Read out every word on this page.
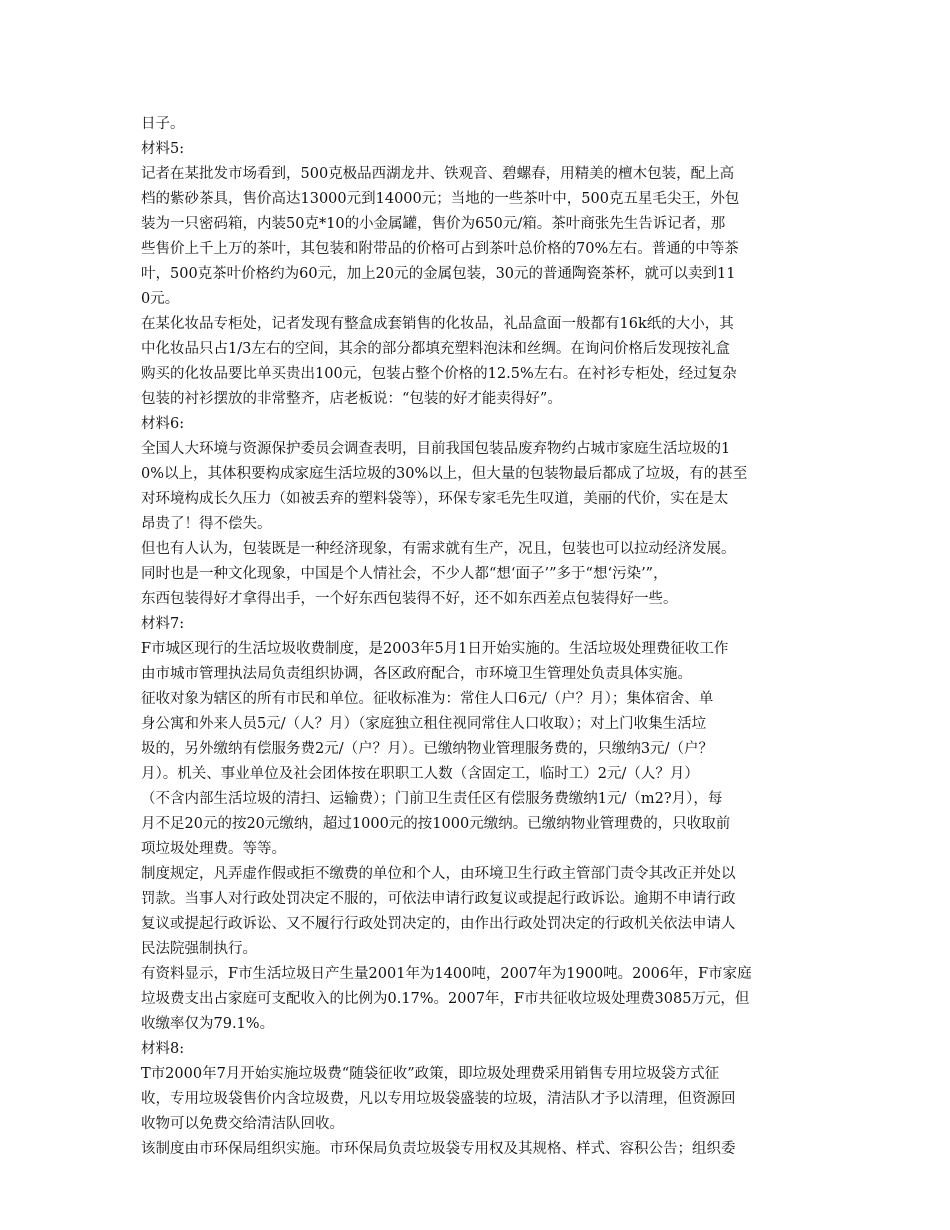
日子。
材料5:
记者在某批发市场看到，500克极品西湖龙井、铁观音、碧螺春，用精美的檀木包装，配上高
档的紫砂茶具，售价高达13000元到14000元；当地的一些茶叶中，500克五星毛尖王，外包
装为一只密码箱，内装50克*10的小金属罐，售价为650元/箱。茶叶商张先生告诉记者，那
些售价上千上万的茶叶，其包装和附带品的价格可占到茶叶总价格的70%左右。普通的中等茶
叶，500克茶叶价格约为60元，加上20元的金属包装，30元的普通陶瓷茶杯，就可以卖到11
0元。
在某化妆品专柜处，记者发现有整盒成套销售的化妆品，礼品盒面一般都有16k纸的大小，其
中化妆品只占1/3左右的空间，其余的部分都填充塑料泡沫和丝绸。在询问价格后发现按礼盒
购买的化妆品要比单买贵出100元，包装占整个价格的12.5%左右。在衬衫专柜处，经过复杂
包装的衬衫摆放的非常整齐，店老板说：“包装的好才能卖得好”。
材料6:
全国人大环境与资源保护委员会调查表明，目前我国包装品废弃物约占城市家庭生活垃圾的1
0%以上，其体积要构成家庭生活垃圾的30%以上，但大量的包装物最后都成了垃圾，有的甚至
对环境构成长久压力（如被丢弃的塑料袋等），环保专家毛先生叹道，美丽的代价，实在是太
昂贵了！得不偿失。
但也有人认为，包装既是一种经济现象，有需求就有生产，况且，包装也可以拉动经济发展。
同时也是一种文化现象，中国是个人情社会，不少人都“想‘面子’”多于“想‘污染’”，
东西包装得好才拿得出手，一个好东西包装得不好，还不如东西差点包装得好一些。
材料7:
F市城区现行的生活垃圾收费制度，是2003年5月1日开始实施的。生活垃圾处理费征收工作
由市城市管理执法局负责组织协调，各区政府配合，市环境卫生管理处负责具体实施。
征收对象为辖区的所有市民和单位。征收标准为：常住人口6元/（户？月）；集体宿舍、单
身公寓和外来人员5元/（人？月）（家庭独立租住视同常住人口收取）；对上门收集生活垃
圾的，另外缴纳有偿服务费2元/（户？月）。已缴纳物业管理服务费的，只缴纳3元/（户？
月）。机关、事业单位及社会团体按在职职工人数（含固定工，临时工）2元/（人？月）
（不含内部生活垃圾的清扫、运输费）；门前卫生责任区有偿服务费缴纳1元/（m2?月），每
月不足20元的按20元缴纳，超过1000元的按1000元缴纳。已缴纳物业管理费的，只收取前
项垃圾处理费。等等。
制度规定，凡弄虚作假或拒不缴费的单位和个人，由环境卫生行政主管部门责令其改正并处以
罚款。当事人对行政处罚决定不服的，可依法申请行政复议或提起行政诉讼。逾期不申请行政
复议或提起行政诉讼、又不履行行政处罚决定的，由作出行政处罚决定的行政机关依法申请人
民法院强制执行。
有资料显示，F市生活垃圾日产生量2001年为1400吨，2007年为1900吨。2006年，F市家庭
垃圾费支出占家庭可支配收入的比例为0.17%。2007年，F市共征收垃圾处理费3085万元，但
收缴率仅为79.1%。
材料8:
T市2000年7月开始实施垃圾费“随袋征收”政策，即垃圾处理费采用销售专用垃圾袋方式征
收，专用垃圾袋售价内含垃圾费，凡以专用垃圾袋盛装的垃圾，清洁队才予以清理，但资源回
收物可以免费交给清洁队回收。
该制度由市环保局组织实施。市环保局负责垃圾袋专用权及其规格、样式、容积公告；组织委
